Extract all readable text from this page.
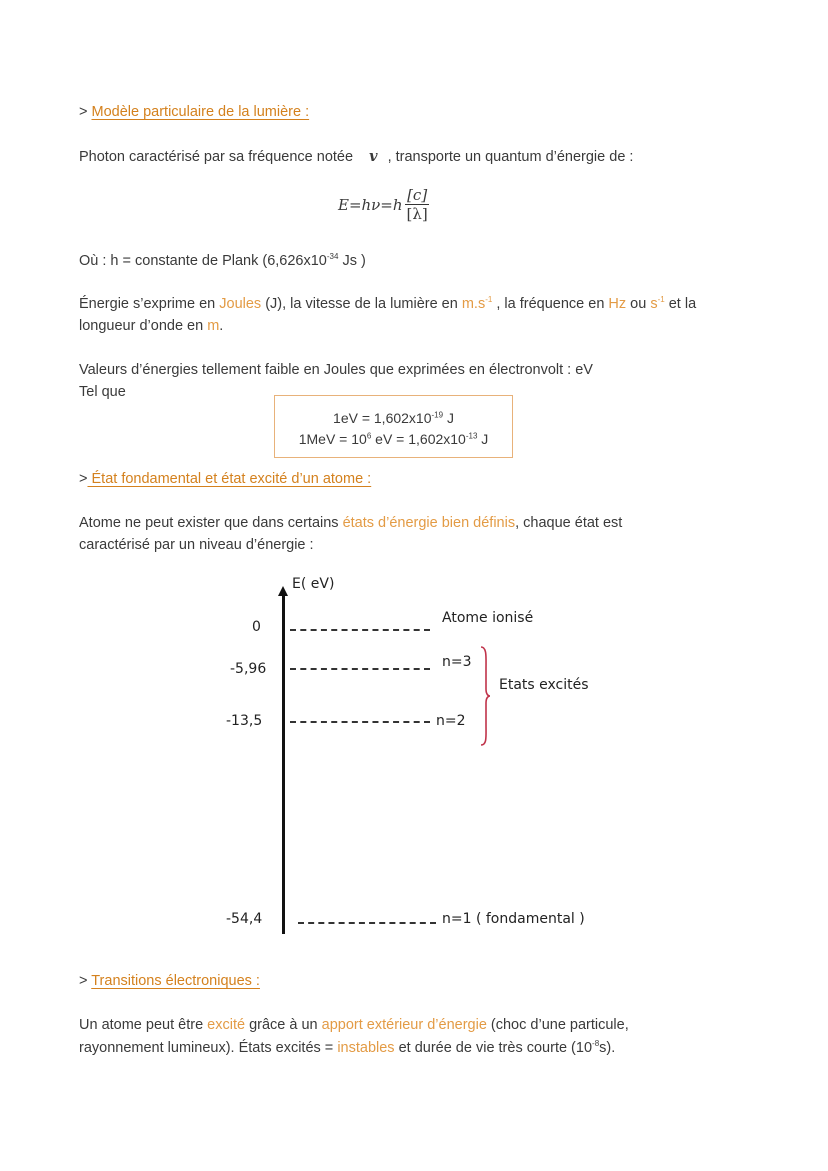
> Modèle particulaire de la lumière :
Photon caractérisé par sa fréquence notée v , transporte un quantum d’énergie de :
$E=h\nu=h \frac{[c]}{[\lambda]}$
Où : h = constante de Plank ($6,626x10^{-34}$ Js )
Énergie s’exprime en Joules (J), la vitesse de la lumière en $m.s^{-1}$ , la fréquence en Hz ou $s^{-1}$ et la
longueur d’onde en m.
Valeurs d’énergies tellement faible en Joules que exprimées en électronvolt : eV
Tel que
$1eV = 1,602x10^{-19}$ J
$1MeV = 10^6$ eV = $1,602x10^{-13}$ J
> État fondamental et état excité d’un atome :
Atome ne peut exister que dans certains états d’énergie bien définis, chaque état est
caractérisé par un niveau d’énergie :
E( eV)
0
Atome ionisé
-5,96	n=3
-13,5	n=2
Etats excités
-54,4	n=1 ( fondamental )
> Transitions électroniques :
Un atome peut être excité grâce à un apport extérieur d’énergie (choc d’une particule,
rayonnement lumineux). États excités = instables et durée de vie très courte $(10^{-8}s)$.
